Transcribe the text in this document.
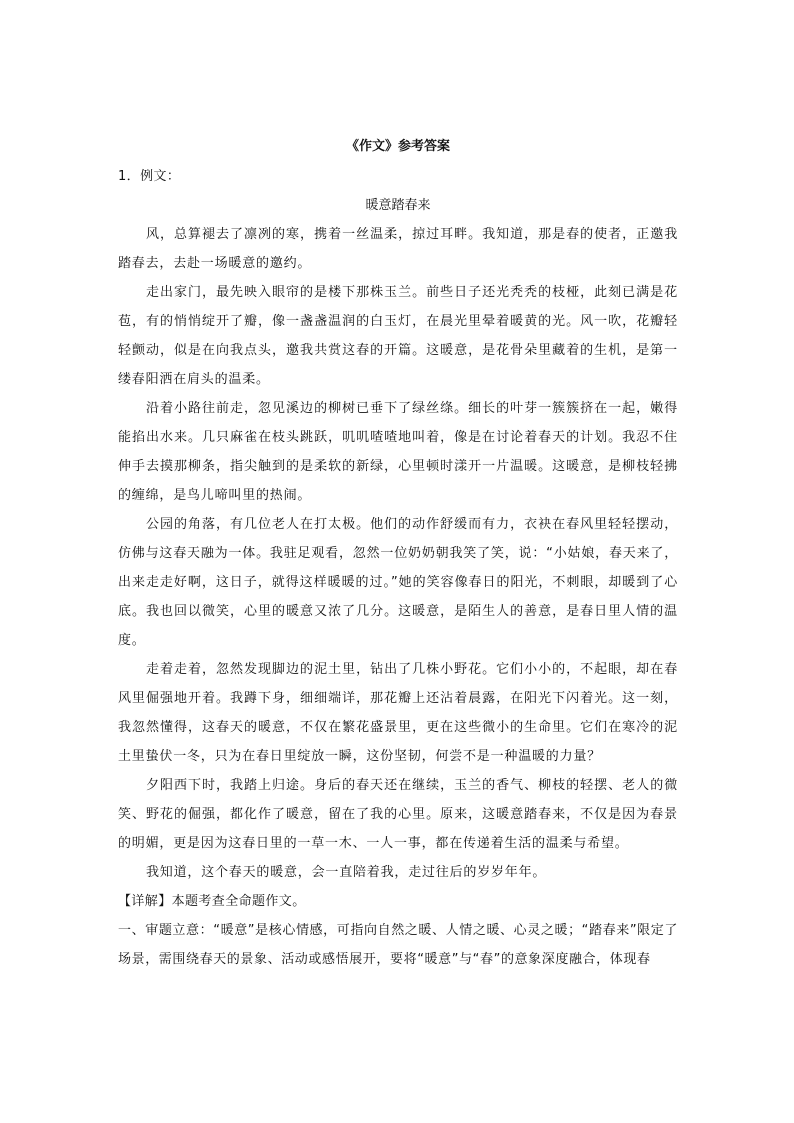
《作文》参考答案
1．例文：
暖意踏春来
风，总算褪去了凛冽的寒，携着一丝温柔，掠过耳畔。我知道，那是春的使者，正邀我踏春去，去赴一场暖意的邀约。
走出家门，最先映入眼帘的是楼下那株玉兰。前些日子还光秃秃的枝桠，此刻已满是花苞，有的悄悄绽开了瓣，像一盏盏温润的白玉灯，在晨光里晕着暖黄的光。风一吹，花瓣轻轻颤动，似是在向我点头，邀我共赏这春的开篇。这暖意，是花骨朵里藏着的生机，是第一缕春阳洒在肩头的温柔。
沿着小路往前走，忽见溪边的柳树已垂下了绿丝绦。细长的叶芽一簇簇挤在一起，嫩得能掐出水来。几只麻雀在枝头跳跃，叽叽喳喳地叫着，像是在讨论着春天的计划。我忍不住伸手去摸那柳条，指尖触到的是柔软的新绿，心里顿时漾开一片温暖。这暖意，是柳枝轻拂的缠绵，是鸟儿啼叫里的热闹。
公园的角落，有几位老人在打太极。他们的动作舒缓而有力，衣袂在春风里轻轻摆动，仿佛与这春天融为一体。我驻足观看，忽然一位奶奶朝我笑了笑，说：“小姑娘，春天来了，出来走走好啊，这日子，就得这样暖暖的过。”她的笑容像春日的阳光，不刺眼，却暖到了心底。我也回以微笑，心里的暖意又浓了几分。这暖意，是陌生人的善意，是春日里人情的温度。
走着走着，忽然发现脚边的泥土里，钻出了几株小野花。它们小小的，不起眼，却在春风里倔强地开着。我蹲下身，细细端详，那花瓣上还沾着晨露，在阳光下闪着光。这一刻，我忽然懂得，这春天的暖意，不仅在繁花盛景里，更在这些微小的生命里。它们在寒冷的泥土里蛰伏一冬，只为在春日里绽放一瞬，这份坚韧，何尝不是一种温暖的力量？
夕阳西下时，我踏上归途。身后的春天还在继续，玉兰的香气、柳枝的轻摆、老人的微笑、野花的倔强，都化作了暖意，留在了我的心里。原来，这暖意踏春来，不仅是因为春景的明媚，更是因为这春日里的一草一木、一人一事，都在传递着生活的温柔与希望。
我知道，这个春天的暖意，会一直陪着我，走过往后的岁岁年年。
【详解】本题考查全命题作文。
一、审题立意：“暖意”是核心情感，可指向自然之暖、人情之暖、心灵之暖；“踏春来”限定了场景，需围绕春天的景象、活动或感悟展开，要将“暖意”与“春”的意象深度融合，体现春
